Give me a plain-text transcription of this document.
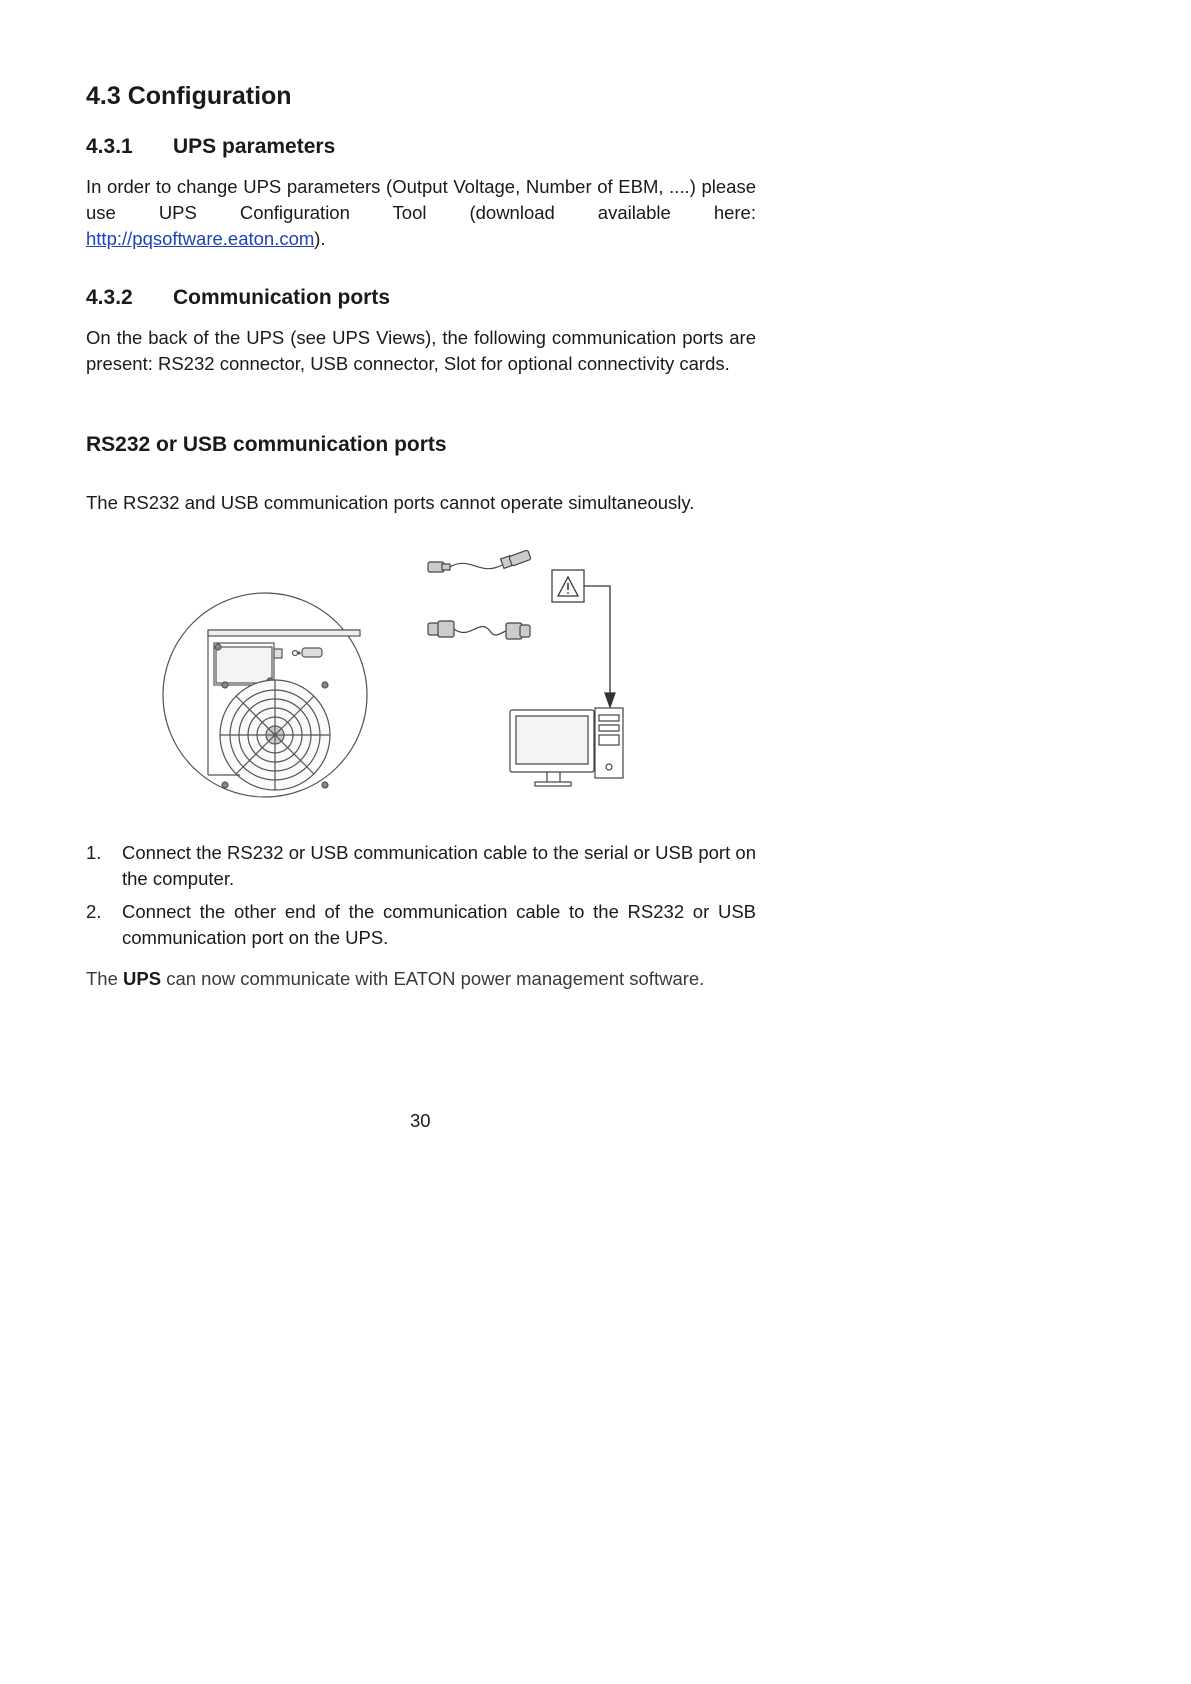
4.3 Configuration
4.3.1 UPS parameters

In order to change UPS parameters (Output Voltage, Number of EBM, ....) please use UPS Configuration Tool (download available here: http://pqsoftware.eaton.com).

4.3.2 Communication ports

On the back of the UPS (see UPS Views), the following communication ports are present: RS232 connector, USB connector, Slot for optional connectivity cards.

RS232 or USB communication ports

The RS232 and USB communication ports cannot operate simultaneously.

1. Connect the RS232 or USB communication cable to the serial or USB port on the computer.
2. Connect the other end of the communication cable to the RS232 or USB communication port on the UPS.

The UPS can now communicate with EATON power management software.

30
